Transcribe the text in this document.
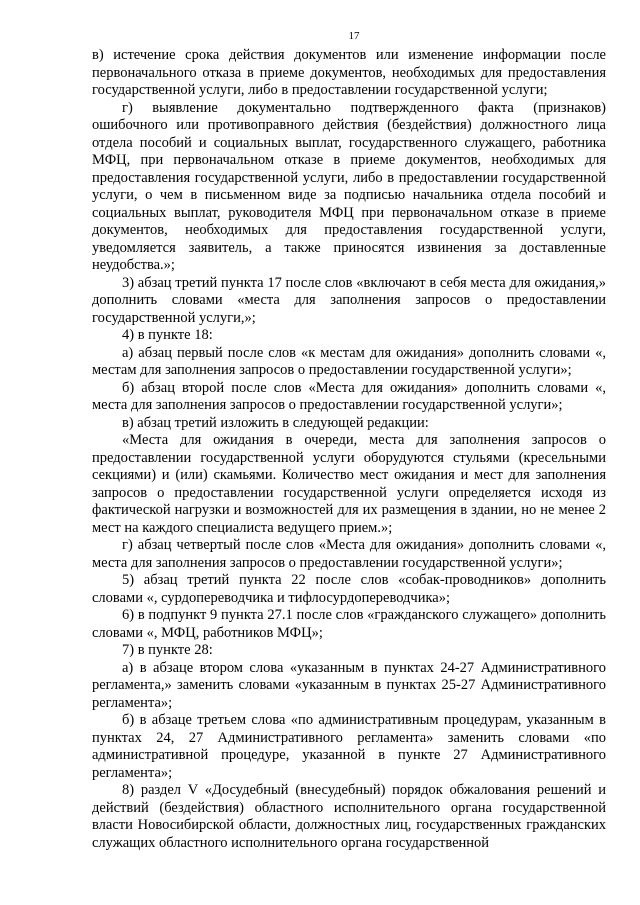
17

в) истечение срока действия документов или изменение информации после первоначального отказа в приеме документов, необходимых для предоставления государственной услуги, либо в предоставлении государственной услуги;

г) выявление документально подтвержденного факта (признаков) ошибочного или противоправного действия (бездействия) должностного лица отдела пособий и социальных выплат, государственного служащего, работника МФЦ, при первоначальном отказе в приеме документов, необходимых для предоставления государственной услуги, либо в предоставлении государственной услуги, о чем в письменном виде за подписью начальника отдела пособий и социальных выплат, руководителя МФЦ при первоначальном отказе в приеме документов, необходимых для предоставления государственной услуги, уведомляется заявитель, а также приносятся извинения за доставленные неудобства.»;

3) абзац третий пункта 17 после слов «включают в себя места для ожидания,» дополнить словами «места для заполнения запросов о предоставлении государственной услуги,»;

4) в пункте 18:

а) абзац первый после слов «к местам для ожидания» дополнить словами «, местам для заполнения запросов о предоставлении государственной услуги»;

б) абзац второй после слов «Места для ожидания» дополнить словами «, места для заполнения запросов о предоставлении государственной услуги»;

в) абзац третий изложить в следующей редакции:

«Места для ожидания в очереди, места для заполнения запросов о предоставлении государственной услуги оборудуются стульями (кресельными секциями) и (или) скамьями. Количество мест ожидания и мест для заполнения запросов о предоставлении государственной услуги определяется исходя из фактической нагрузки и возможностей для их размещения в здании, но не менее 2 мест на каждого специалиста ведущего прием.»;

г) абзац четвертый после слов «Места для ожидания» дополнить словами «, места для заполнения запросов о предоставлении государственной услуги»;

5) абзац третий пункта 22 после слов «собак-проводников» дополнить словами «, сурдопереводчика и тифлосурдопереводчика»;

6) в подпункт 9 пункта 27.1 после слов «гражданского служащего» дополнить словами «, МФЦ, работников МФЦ»;

7) в пункте 28:

а) в абзаце втором слова «указанным в пунктах 24-27 Административного регламента,» заменить словами «указанным в пунктах 25-27 Административного регламента»;

б) в абзаце третьем слова «по административным процедурам, указанным в пунктах 24, 27 Административного регламента» заменить словами «по административной процедуре, указанной в пункте 27 Административного регламента»;

8) раздел V «Досудебный (внесудебный) порядок обжалования решений и действий (бездействия) областного исполнительного органа государственной власти Новосибирской области, должностных лиц, государственных гражданских служащих областного исполнительного органа государственной
